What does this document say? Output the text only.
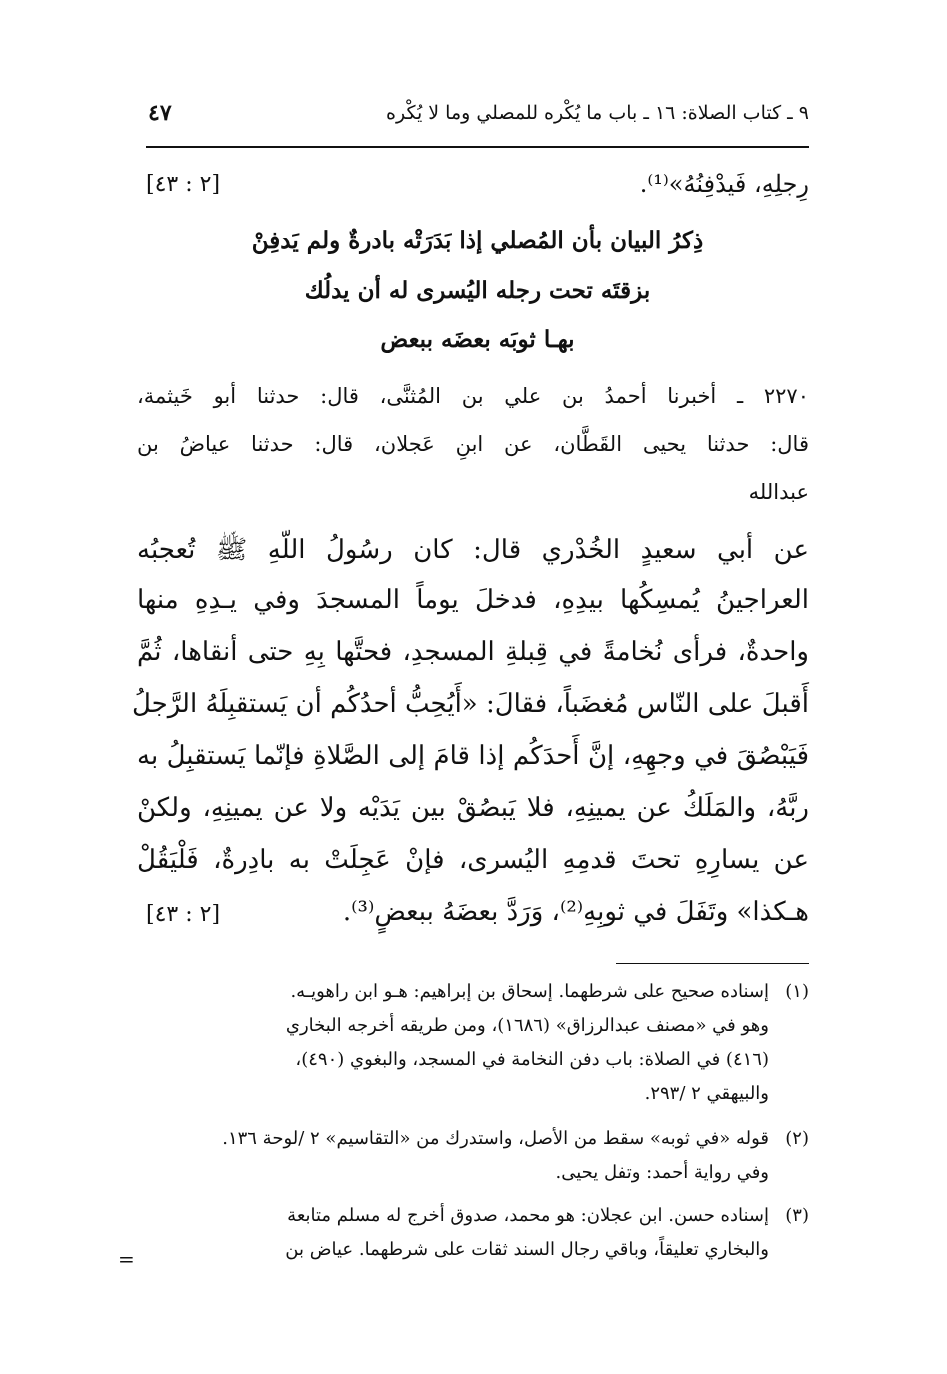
٩ ـ كتاب الصلاة: ١٦ ـ باب ما يُكْره للمصلي وما لا يُكْره
٤٧
رِجلِهِ، فَيدْفِنُهُ»⁽¹⁾.
[٢ : ٤٣]
ذِكرُ البيان بأن المُصلي إذا بَدَرَتْه بادرةٌ ولم يَدفِنْ
بزقتَه تحت رجله اليُسرى له أن يدلُك
بهـا ثوبَه بعضَه ببعض
٢٢٧٠ ـ أخبرنا أحمدُ بن علي بن المُثنَّى، قال: حدثنا أبو خَيثمة،
قال: حدثنا يحيى القَطَّان، عن ابنِ عَجلان، قال: حدثنا عياضُ بن
عبدالله
عن أبي سعيدٍ الخُدْري قال: كان رسُولُ اللّهِ ﷺ تُعجبُه
العراجينُ يُمسِكُها بيدِهِ، فدخلَ يوماً المسجدَ وفي يـدِهِ منها
واحدةٌ، فرأى نُخامةً في قِبلةِ المسجدِ، فحتَّها بِهِ حتى أنقاها، ثُمَّ
أَقبلَ على النّاس مُغضَباً، فقالَ: «أَيُحِبُّ أحدُكُم أن يَستقبِلَهُ الرَّجلُ
فَيَبْصُقَ في وجهِهِ، إنَّ أَحدَكُم إذا قامَ إلى الصَّلاةِ فإنّما يَستقبِلُ به
ربَّهُ، والمَلَكُ عن يمينِهِ، فلا يَبصُقْ بين يَدَيْه ولا عن يمينِهِ، ولكنْ
عن يسارِهِ تحتَ قدمِهِ اليُسرى، فإنْ عَجِلَتْ به بادِرةٌ، فَلْيَقُلْ
هـكذا» وتَفَلَ في ثوبِهِ⁽²⁾، وَرَدَّ بعضَهُ ببعضٍ⁽³⁾.
[٢ : ٤٣]
(١)إسناده صحيح على شرطهما. إسحاق بن إبراهيم: هـو ابن راهويـه.
وهو في «مصنف عبدالرزاق» (١٦٨٦)، ومن طريقه أخرجه البخاري
(٤١٦) في الصلاة: باب دفن النخامة في المسجد، والبغوي (٤٩٠)،
والبيهقي ٢ /٢٩٣.
(٢)قوله «في ثوبه» سقط من الأصل، واستدرك من «التقاسيم» ٢ /لوحة ١٣٦.
وفي رواية أحمد: وتفل يحيى.
(٣)إسناده حسن. ابن عجلان: هو محمد، صدوق أخرج له مسلم متابعة
والبخاري تعليقاً، وباقي رجال السند ثقات على شرطهما. عياض بن
=
